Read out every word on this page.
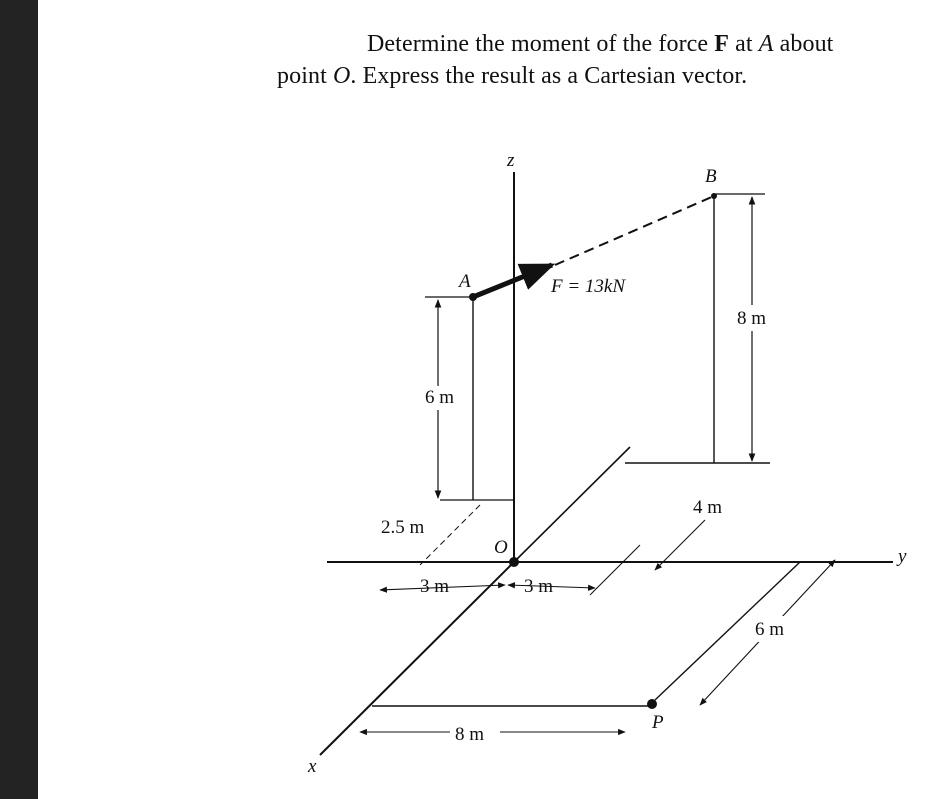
Determine the moment of the force F at A about
point O. Express the result as a Cartesian vector.
z
y
x
A
B
O
P
F = 13kN
6 m
8 m
2.5 m
3 m	3 m
4 m
6 m
8 m
